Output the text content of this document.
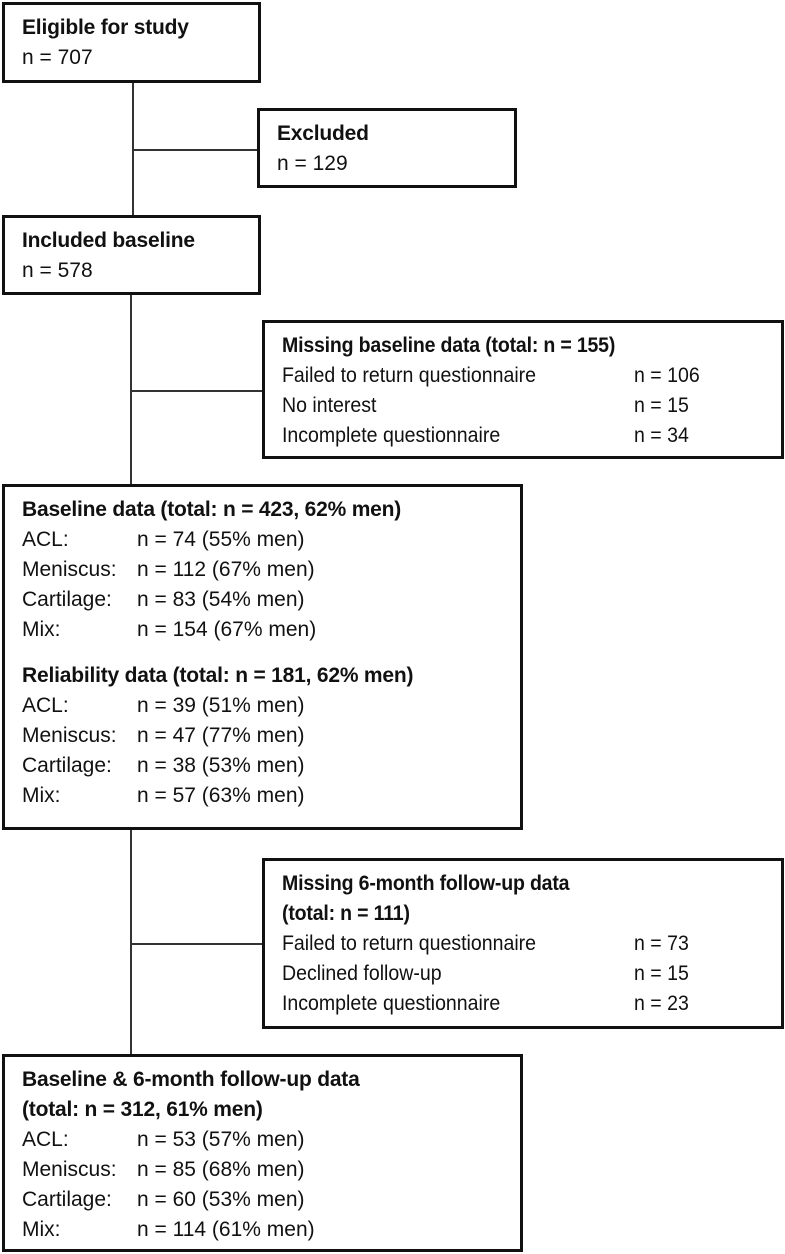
Eligible for study
n = 707
Excluded
n = 129
Included baseline
n = 578
Missing baseline data (total: n = 155)
Failed to return questionnaire	n = 106
No interest	n = 15
Incomplete questionnaire	n = 34
Baseline data (total: n = 423, 62% men)
ACL:	n = 74 (55% men)
Meniscus: n = 112 (67% men)
Cartilage:	n = 83 (54% men)
Mix:	n = 154 (67% men)
Reliability data (total: n = 181, 62% men)
ACL:	n = 39 (51% men)
Meniscus: n = 47 (77% men)
Cartilage:	n = 38 (53% men)
Mix:	n = 57 (63% men)
Missing 6-month follow-up data
(total: n = 111)
Failed to return questionnaire	n = 73
Declined follow-up	n = 15
Incomplete questionnaire	n = 23
Baseline & 6-month follow-up data
(total: n = 312, 61% men)
ACL:	n = 53 (57% men)
Meniscus: n = 85 (68% men)
Cartilage:	n = 60 (53% men)
Mix:	n = 114 (61% men)
